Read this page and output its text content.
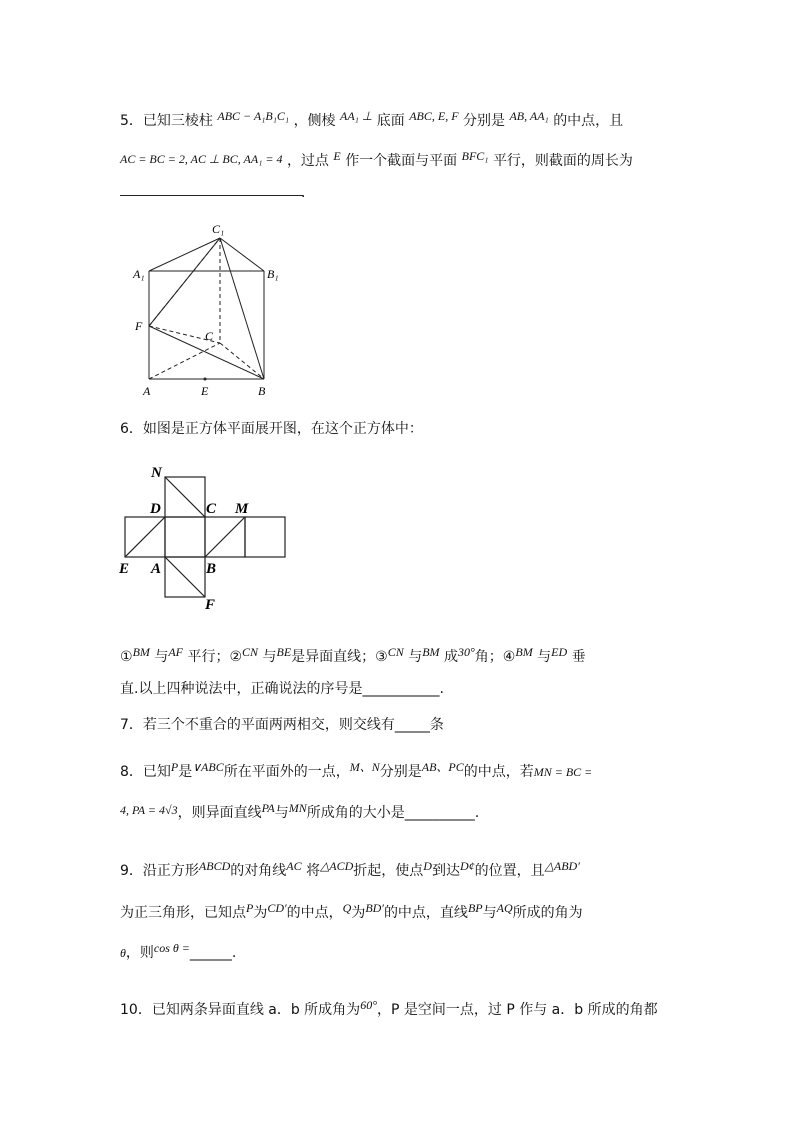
5．已知三棱柱 ABC − A₁B₁C₁ ，侧棱 AA₁ ⊥ 底面 ABC, E, F 分别是 AB, AA₁ 的中点，且
AC = BC = 2, AC ⊥ BC, AA₁ = 4 ，过点 E 作一个截面与平面 BFC₁ 平行，则截面的周长为
.
C₁
A₁	B₁
F
C
A	E	B
6．如图是正方体平面展开图，在这个正方体中：
N
D	C M
E A	B
F
①BM 与AF 平行；②CN 与BE是异面直线；③CN 与BM 成30°角；④BM 与ED 垂
直.以上四种说法中，正确说法的序号是___________.
7．若三个不重合的平面两两相交，则交线有_____条
8．已知P是∨ABC所在平面外的一点，M、N分别是AB、PC的中点，若MN = BC =
4, PA = 4√3，则异面直线PA与MN所成角的大小是__________.
9．沿正方形ABCD的对角线AC 将△ACD折起，使点D到达D¢的位置，且△ABD′
为正三角形，已知点P为CD′的中点，Q为BD′的中点，直线BP与AQ所成的角为
θ，则cos θ =______.
10．已知两条异面直线 a．b 所成角为60°，P 是空间一点，过 P 作与 a．b 所成的角都
